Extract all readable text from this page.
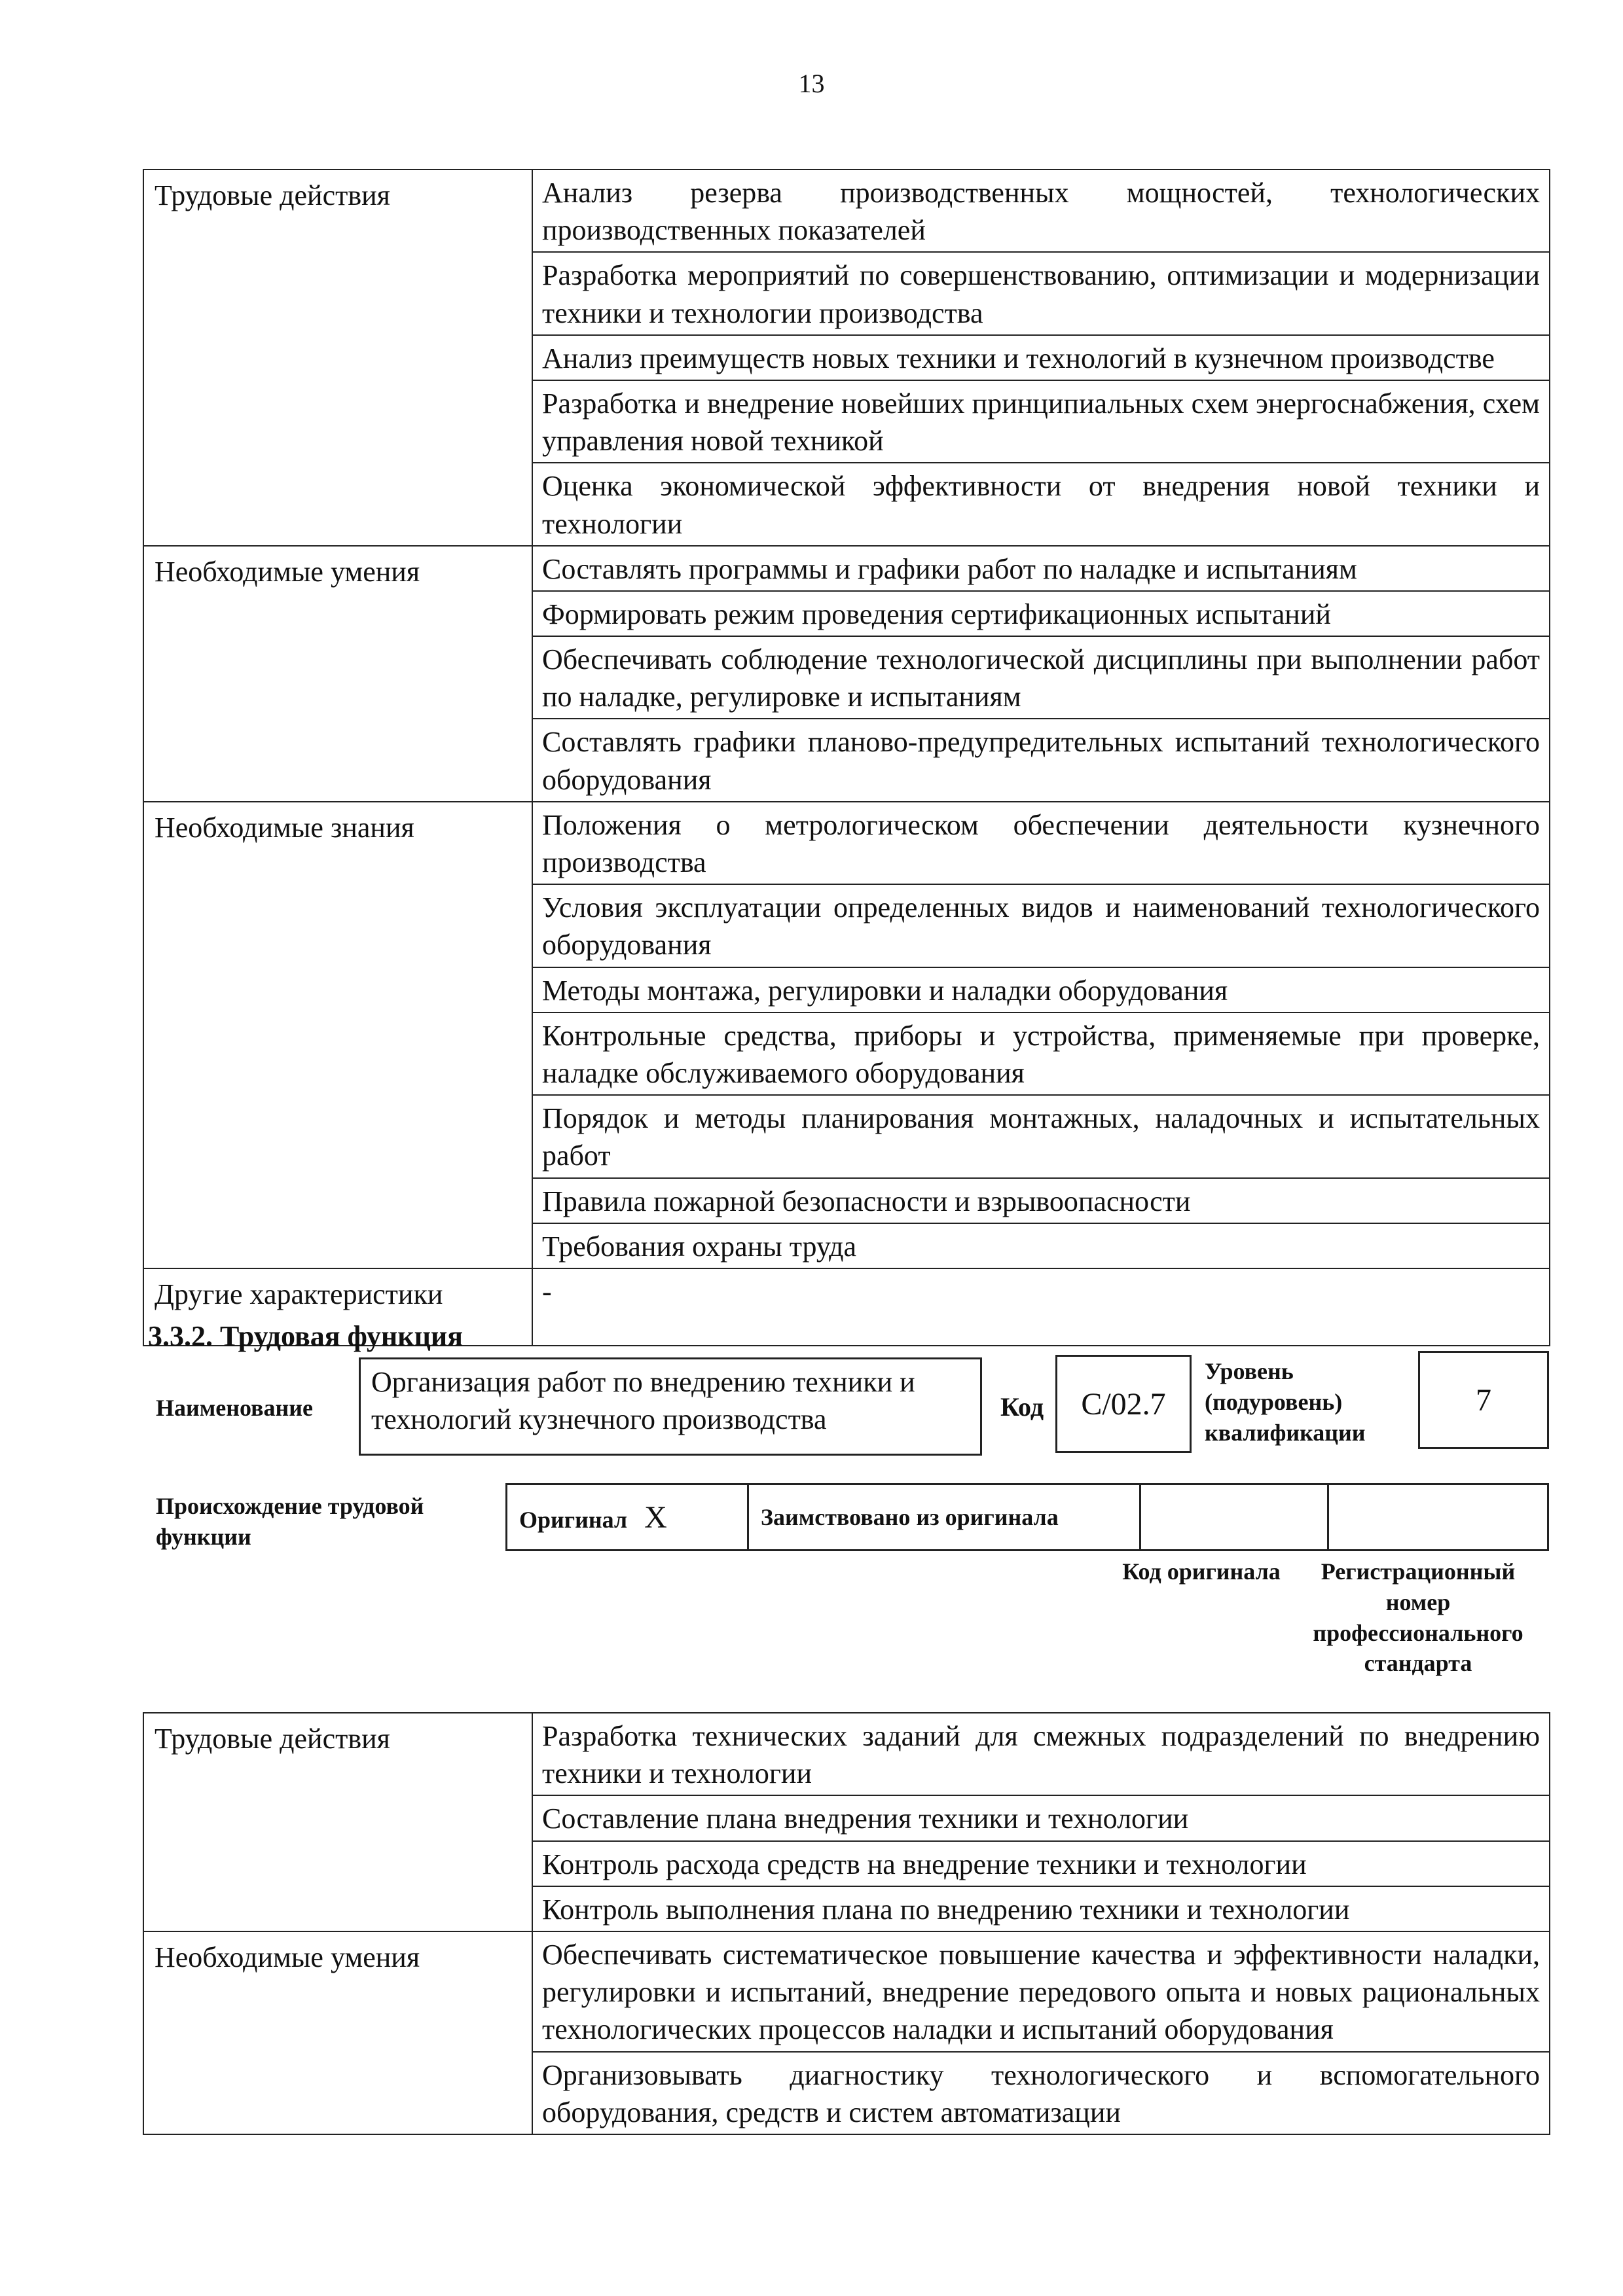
13
Трудовые действия	Анализ резерва производственных мощностей, технологических производственных показателей
	Разработка мероприятий по совершенствованию, оптимизации и модернизации техники и технологии производства
	Анализ преимуществ новых техники и технологий в кузнечном производстве
	Разработка и внедрение новейших принципиальных схем энергоснабжения, схем управления новой техникой
	Оценка экономической эффективности от внедрения новой техники и технологии
Необходимые умения	Составлять программы и графики работ по наладке и испытаниям
	Формировать режим проведения сертификационных испытаний
	Обеспечивать соблюдение технологической дисциплины при выполнении работ по наладке, регулировке и испытаниям
	Составлять графики планово-предупредительных испытаний технологического оборудования
Необходимые знания	Положения о метрологическом обеспечении деятельности кузнечного производства
	Условия эксплуатации определенных видов и наименований технологического оборудования
	Методы монтажа, регулировки и наладки оборудования
	Контрольные средства, приборы и устройства, применяемые при проверке, наладке обслуживаемого оборудования
	Порядок и методы планирования монтажных, наладочных и испытательных работ
	Правила пожарной безопасности и взрывоопасности
	Требования охраны труда
Другие характеристики	-
3.3.2. Трудовая функция
Наименование
Организация работ по внедрению техники и технологий кузнечного производства	Код	C/02.7
Уровень (подуровень) квалификации
7
Происхождение трудовой функции
Оригинал X	Заимствовано из оригинала		
Код оригинала	Регистрационный номер профессионального стандарта
Трудовые действия	Разработка технических заданий для смежных подразделений по внедрению техники и технологии
	Составление плана внедрения техники и технологии
	Контроль расхода средств на внедрение техники и технологии
	Контроль выполнения плана по внедрению техники и технологии
Необходимые умения	Обеспечивать систематическое повышение качества и эффективности наладки, регулировки и испытаний, внедрение передового опыта и новых рациональных технологических процессов наладки и испытаний оборудования
	Организовывать диагностику технологического и вспомогательного оборудования, средств и систем автоматизации
